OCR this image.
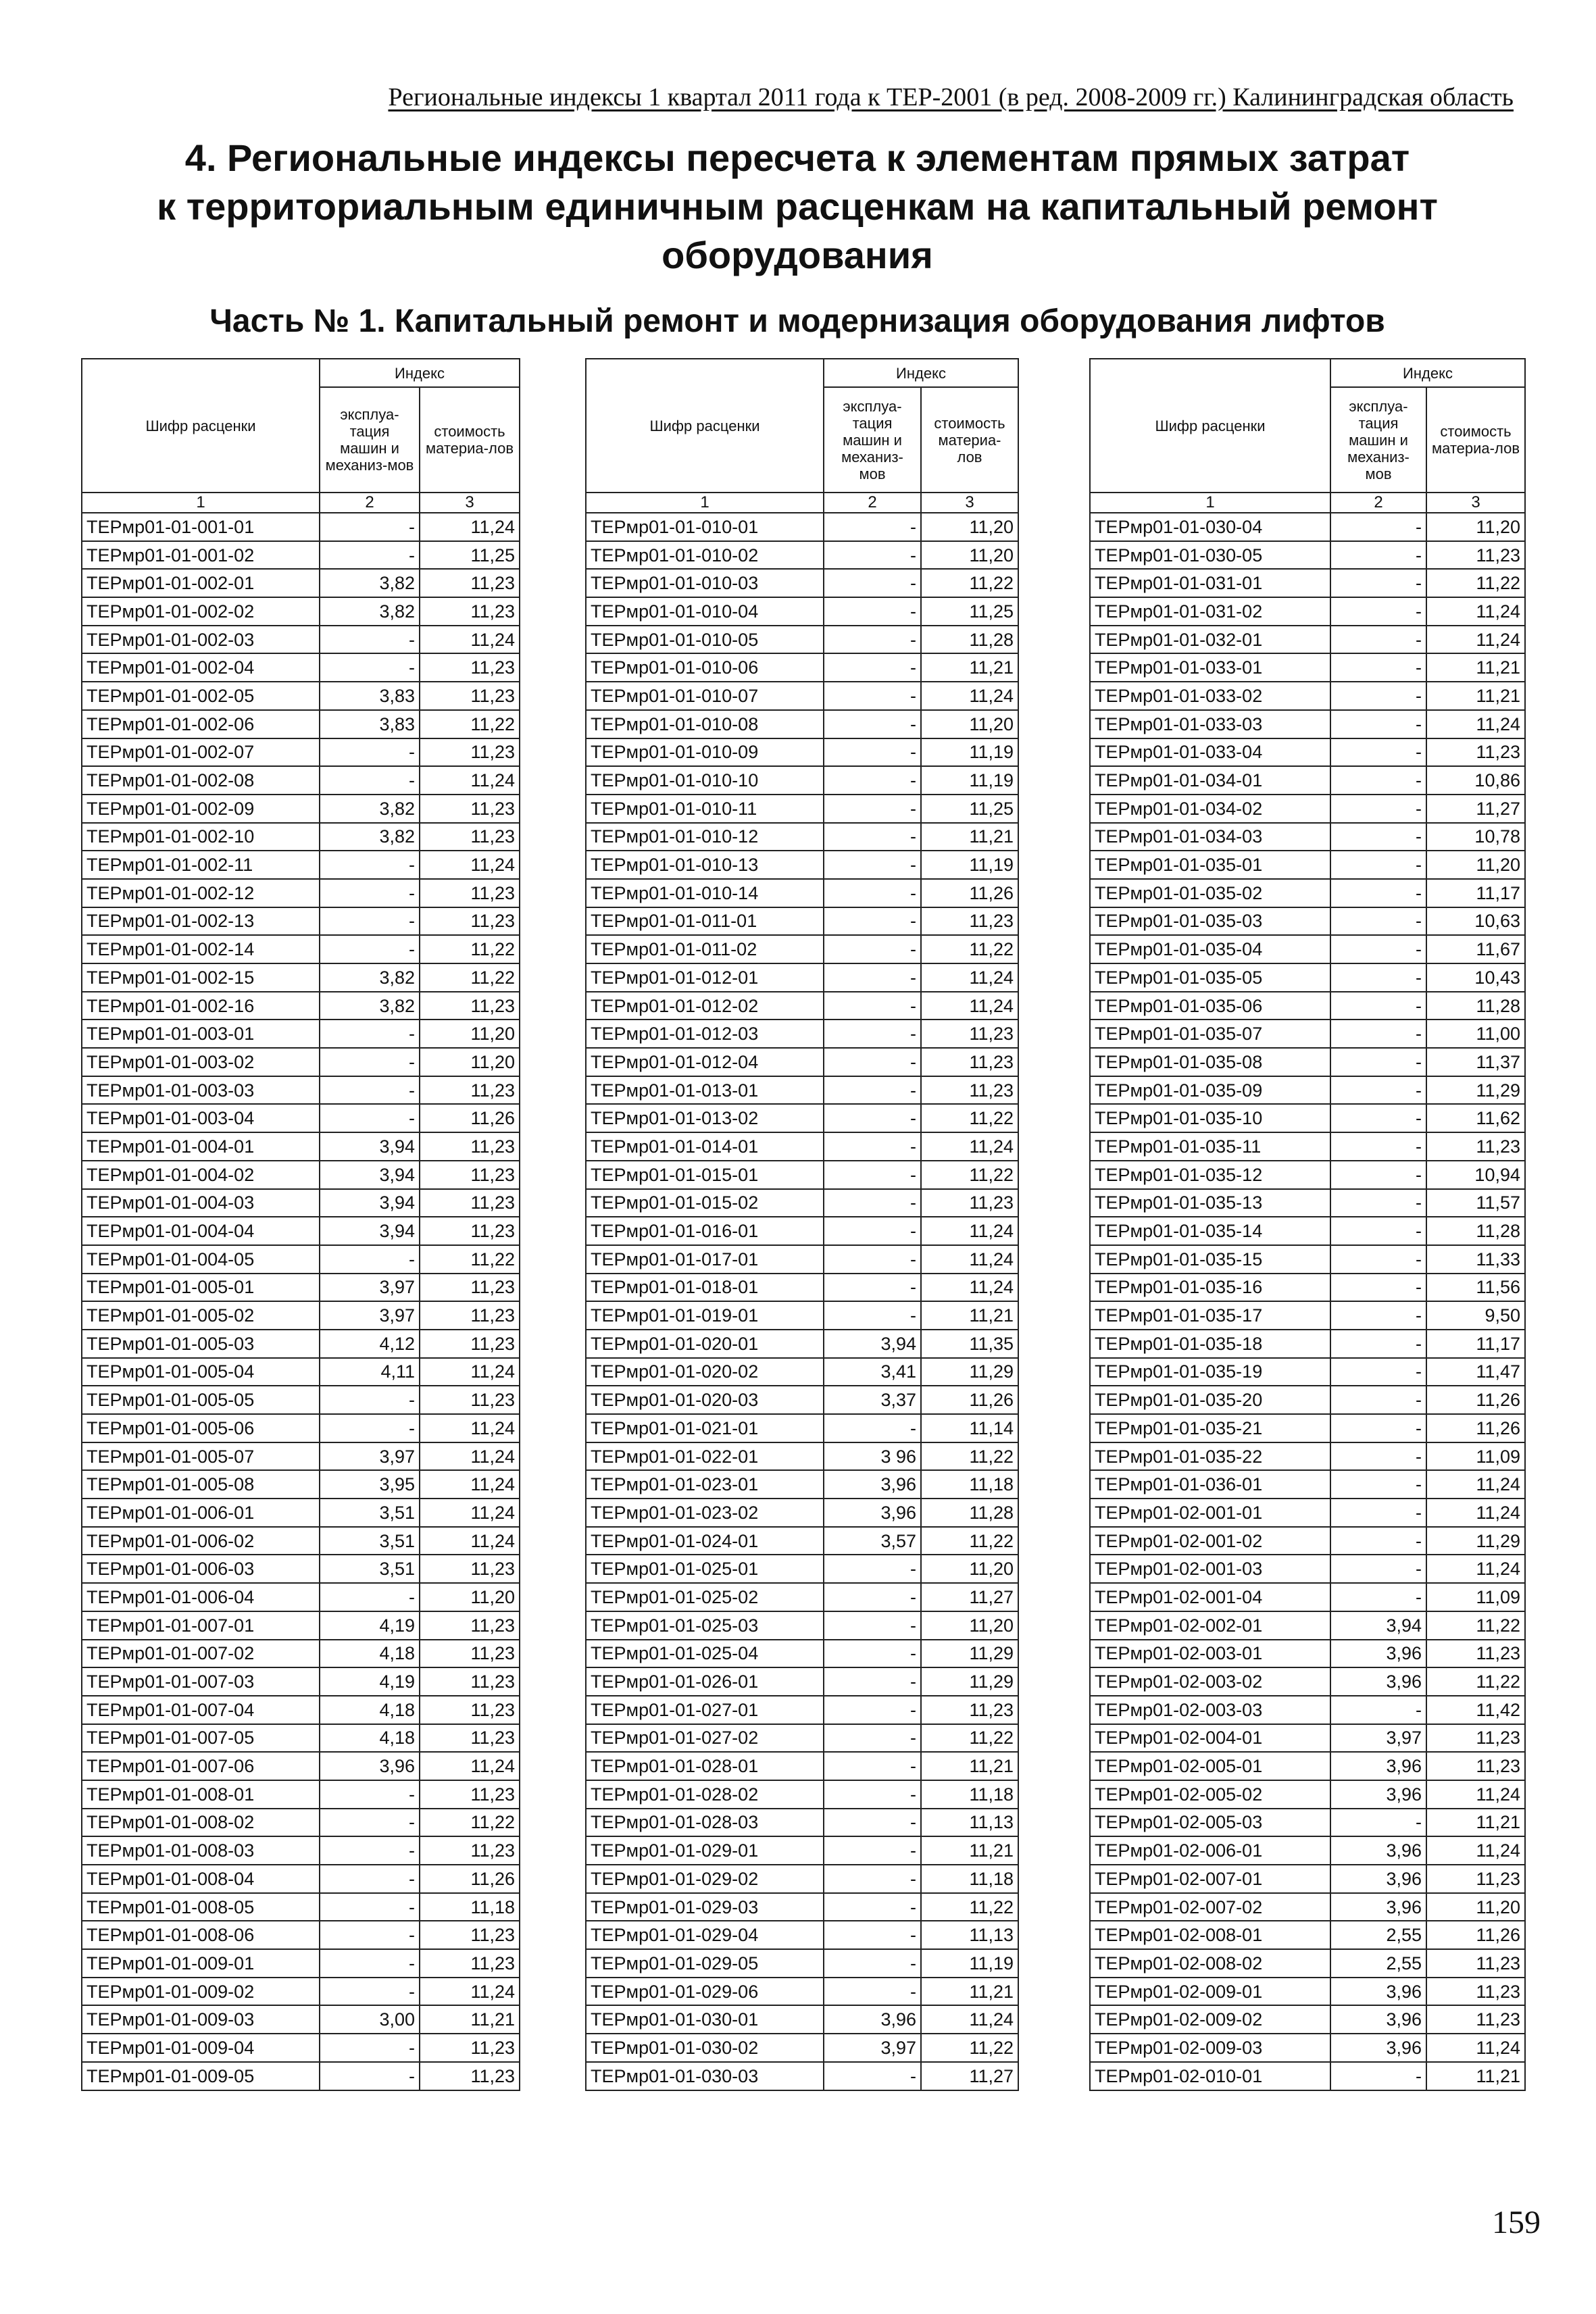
Региональные индексы 1 квартал 2011 года к ТЕР-2001 (в ред. 2008-2009 гг.) Калининградская область
4. Региональные индексы пересчета к элементам прямых затрат
к территориальным единичным расценкам на капитальный ремонт
оборудования
Часть № 1. Капитальный ремонт и модернизация оборудования лифтов
Шифр расценки	Индекс	
	эксплуа-тация машин и механиз-мов	стоимость материа-лов
1	2	3
ТЕРмр01-01-001-01	-	11,24
ТЕРмр01-01-001-02	-	11,25
ТЕРмр01-01-002-01	3,82	11,23
ТЕРмр01-01-002-02	3,82	11,23
ТЕРмр01-01-002-03	-	11,24
ТЕРмр01-01-002-04	-	11,23
ТЕРмр01-01-002-05	3,83	11,23
ТЕРмр01-01-002-06	3,83	11,22
ТЕРмр01-01-002-07	-	11,23
ТЕРмр01-01-002-08	-	11,24
ТЕРмр01-01-002-09	3,82	11,23
ТЕРмр01-01-002-10	3,82	11,23
ТЕРмр01-01-002-11	-	11,24
ТЕРмр01-01-002-12	-	11,23
ТЕРмр01-01-002-13	-	11,23
ТЕРмр01-01-002-14	-	11,22
ТЕРмр01-01-002-15	3,82	11,22
ТЕРмр01-01-002-16	3,82	11,23
ТЕРмр01-01-003-01	-	11,20
ТЕРмр01-01-003-02	-	11,20
ТЕРмр01-01-003-03	-	11,23
ТЕРмр01-01-003-04	-	11,26
ТЕРмр01-01-004-01	3,94	11,23
ТЕРмр01-01-004-02	3,94	11,23
ТЕРмр01-01-004-03	3,94	11,23
ТЕРмр01-01-004-04	3,94	11,23
ТЕРмр01-01-004-05	-	11,22
ТЕРмр01-01-005-01	3,97	11,23
ТЕРмр01-01-005-02	3,97	11,23
ТЕРмр01-01-005-03	4,12	11,23
ТЕРмр01-01-005-04	4,11	11,24
ТЕРмр01-01-005-05	-	11,23
ТЕРмр01-01-005-06	-	11,24
ТЕРмр01-01-005-07	3,97	11,24
ТЕРмр01-01-005-08	3,95	11,24
ТЕРмр01-01-006-01	3,51	11,24
ТЕРмр01-01-006-02	3,51	11,24
ТЕРмр01-01-006-03	3,51	11,23
ТЕРмр01-01-006-04	-	11,20
ТЕРмр01-01-007-01	4,19	11,23
ТЕРмр01-01-007-02	4,18	11,23
ТЕРмр01-01-007-03	4,19	11,23
ТЕРмр01-01-007-04	4,18	11,23
ТЕРмр01-01-007-05	4,18	11,23
ТЕРмр01-01-007-06	3,96	11,24
ТЕРмр01-01-008-01	-	11,23
ТЕРмр01-01-008-02	-	11,22
ТЕРмр01-01-008-03	-	11,23
ТЕРмр01-01-008-04	-	11,26
ТЕРмр01-01-008-05	-	11,18
ТЕРмр01-01-008-06	-	11,23
ТЕРмр01-01-009-01	-	11,23
ТЕРмр01-01-009-02	-	11,24
ТЕРмр01-01-009-03	3,00	11,21
ТЕРмр01-01-009-04	-	11,23
ТЕРмр01-01-009-05	-	11,23
Шифр расценки	Индекс	
	эксплуа-тация машин и механиз-мов	стоимость материа-лов
1	2	3
ТЕРмр01-01-010-01	-	11,20
ТЕРмр01-01-010-02	-	11,20
ТЕРмр01-01-010-03	-	11,22
ТЕРмр01-01-010-04	-	11,25
ТЕРмр01-01-010-05	-	11,28
ТЕРмр01-01-010-06	-	11,21
ТЕРмр01-01-010-07	-	11,24
ТЕРмр01-01-010-08	-	11,20
ТЕРмр01-01-010-09	-	11,19
ТЕРмр01-01-010-10	-	11,19
ТЕРмр01-01-010-11	-	11,25
ТЕРмр01-01-010-12	-	11,21
ТЕРмр01-01-010-13	-	11,19
ТЕРмр01-01-010-14	-	11,26
ТЕРмр01-01-011-01	-	11,23
ТЕРмр01-01-011-02	-	11,22
ТЕРмр01-01-012-01	-	11,24
ТЕРмр01-01-012-02	-	11,24
ТЕРмр01-01-012-03	-	11,23
ТЕРмр01-01-012-04	-	11,23
ТЕРмр01-01-013-01	-	11,23
ТЕРмр01-01-013-02	-	11,22
ТЕРмр01-01-014-01	-	11,24
ТЕРмр01-01-015-01	-	11,22
ТЕРмр01-01-015-02	-	11,23
ТЕРмр01-01-016-01	-	11,24
ТЕРмр01-01-017-01	-	11,24
ТЕРмр01-01-018-01	-	11,24
ТЕРмр01-01-019-01	-	11,21
ТЕРмр01-01-020-01	3,94	11,35
ТЕРмр01-01-020-02	3,41	11,29
ТЕРмр01-01-020-03	3,37	11,26
ТЕРмр01-01-021-01	-	11,14
ТЕРмр01-01-022-01	3 96	11,22
ТЕРмр01-01-023-01	3,96	11,18
ТЕРмр01-01-023-02	3,96	11,28
ТЕРмр01-01-024-01	3,57	11,22
ТЕРмр01-01-025-01	-	11,20
ТЕРмр01-01-025-02	-	11,27
ТЕРмр01-01-025-03	-	11,20
ТЕРмр01-01-025-04	-	11,29
ТЕРмр01-01-026-01	-	11,29
ТЕРмр01-01-027-01	-	11,23
ТЕРмр01-01-027-02	-	11,22
ТЕРмр01-01-028-01	-	11,21
ТЕРмр01-01-028-02	-	11,18
ТЕРмр01-01-028-03	-	11,13
ТЕРмр01-01-029-01	-	11,21
ТЕРмр01-01-029-02	-	11,18
ТЕРмр01-01-029-03	-	11,22
ТЕРмр01-01-029-04	-	11,13
ТЕРмр01-01-029-05	-	11,19
ТЕРмр01-01-029-06	-	11,21
ТЕРмр01-01-030-01	3,96	11,24
ТЕРмр01-01-030-02	3,97	11,22
ТЕРмр01-01-030-03	-	11,27
Шифр расценки	Индекс	
	эксплуа-тация машин и механиз-мов	стоимость материа-лов
1	2	3
ТЕРмр01-01-030-04	-	11,20
ТЕРмр01-01-030-05	-	11,23
ТЕРмр01-01-031-01	-	11,22
ТЕРмр01-01-031-02	-	11,24
ТЕРмр01-01-032-01	-	11,24
ТЕРмр01-01-033-01	-	11,21
ТЕРмр01-01-033-02	-	11,21
ТЕРмр01-01-033-03	-	11,24
ТЕРмр01-01-033-04	-	11,23
ТЕРмр01-01-034-01	-	10,86
ТЕРмр01-01-034-02	-	11,27
ТЕРмр01-01-034-03	-	10,78
ТЕРмр01-01-035-01	-	11,20
ТЕРмр01-01-035-02	-	11,17
ТЕРмр01-01-035-03	-	10,63
ТЕРмр01-01-035-04	-	11,67
ТЕРмр01-01-035-05	-	10,43
ТЕРмр01-01-035-06	-	11,28
ТЕРмр01-01-035-07	-	11,00
ТЕРмр01-01-035-08	-	11,37
ТЕРмр01-01-035-09	-	11,29
ТЕРмр01-01-035-10	-	11,62
ТЕРмр01-01-035-11	-	11,23
ТЕРмр01-01-035-12	-	10,94
ТЕРмр01-01-035-13	-	11,57
ТЕРмр01-01-035-14	-	11,28
ТЕРмр01-01-035-15	-	11,33
ТЕРмр01-01-035-16	-	11,56
ТЕРмр01-01-035-17	-	9,50
ТЕРмр01-01-035-18	-	11,17
ТЕРмр01-01-035-19	-	11,47
ТЕРмр01-01-035-20	-	11,26
ТЕРмр01-01-035-21	-	11,26
ТЕРмр01-01-035-22	-	11,09
ТЕРмр01-01-036-01	-	11,24
ТЕРмр01-02-001-01	-	11,24
ТЕРмр01-02-001-02	-	11,29
ТЕРмр01-02-001-03	-	11,24
ТЕРмр01-02-001-04	-	11,09
ТЕРмр01-02-002-01	3,94	11,22
ТЕРмр01-02-003-01	3,96	11,23
ТЕРмр01-02-003-02	3,96	11,22
ТЕРмр01-02-003-03	-	11,42
ТЕРмр01-02-004-01	3,97	11,23
ТЕРмр01-02-005-01	3,96	11,23
ТЕРмр01-02-005-02	3,96	11,24
ТЕРмр01-02-005-03	-	11,21
ТЕРмр01-02-006-01	3,96	11,24
ТЕРмр01-02-007-01	3,96	11,23
ТЕРмр01-02-007-02	3,96	11,20
ТЕРмр01-02-008-01	2,55	11,26
ТЕРмр01-02-008-02	2,55	11,23
ТЕРмр01-02-009-01	3,96	11,23
ТЕРмр01-02-009-02	3,96	11,23
ТЕРмр01-02-009-03	3,96	11,24
ТЕРмр01-02-010-01	-	11,21
159
